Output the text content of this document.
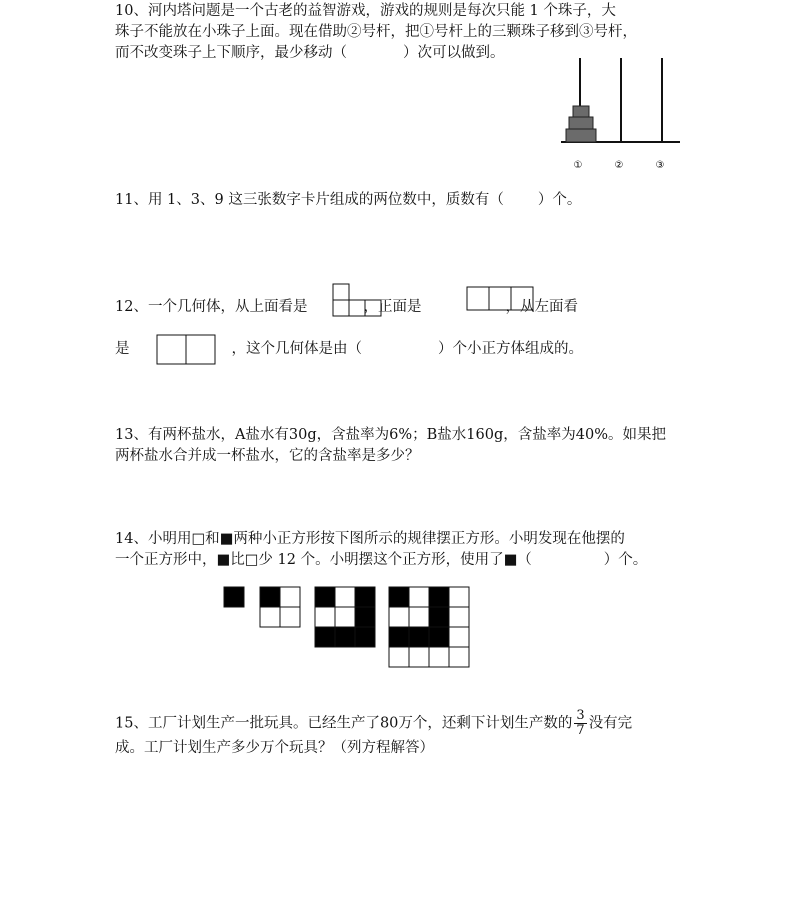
10、河内塔问题是一个古老的益智游戏，游戏的规则是每次只能 1 个珠子，大
珠子不能放在小珠子上面。现在借助②号杆，把①号杆上的三颗珠子移到③号杆，
而不改变珠子上下顺序，最少移动（	）次可以做到。
①	②	③
11、用 1、3、9 这三张数字卡片组成的两位数中，质数有（ ）个。
12、一个几何体，从上面看是	，正面是	，从左面看
是	，这个几何体是由（	）个小正方体组成的。
13、有两杯盐水，A盐水有30g，含盐率为6%；B盐水160g，含盐率为40%。如果把
两杯盐水合并成一杯盐水，它的含盐率是多少？
14、小明用□和■两种小正方形按下图所示的规律摆正方形。小明发现在他摆的
一个正方形中，■比□少 12 个。小明摆这个正方形，使用了■（	）个。
15、工厂计划生产一批玩具。已经生产了80万个，还剩下计划生产数的 $\frac{3}{7}$ 没有完
成。工厂计划生产多少万个玩具？（列方程解答）
